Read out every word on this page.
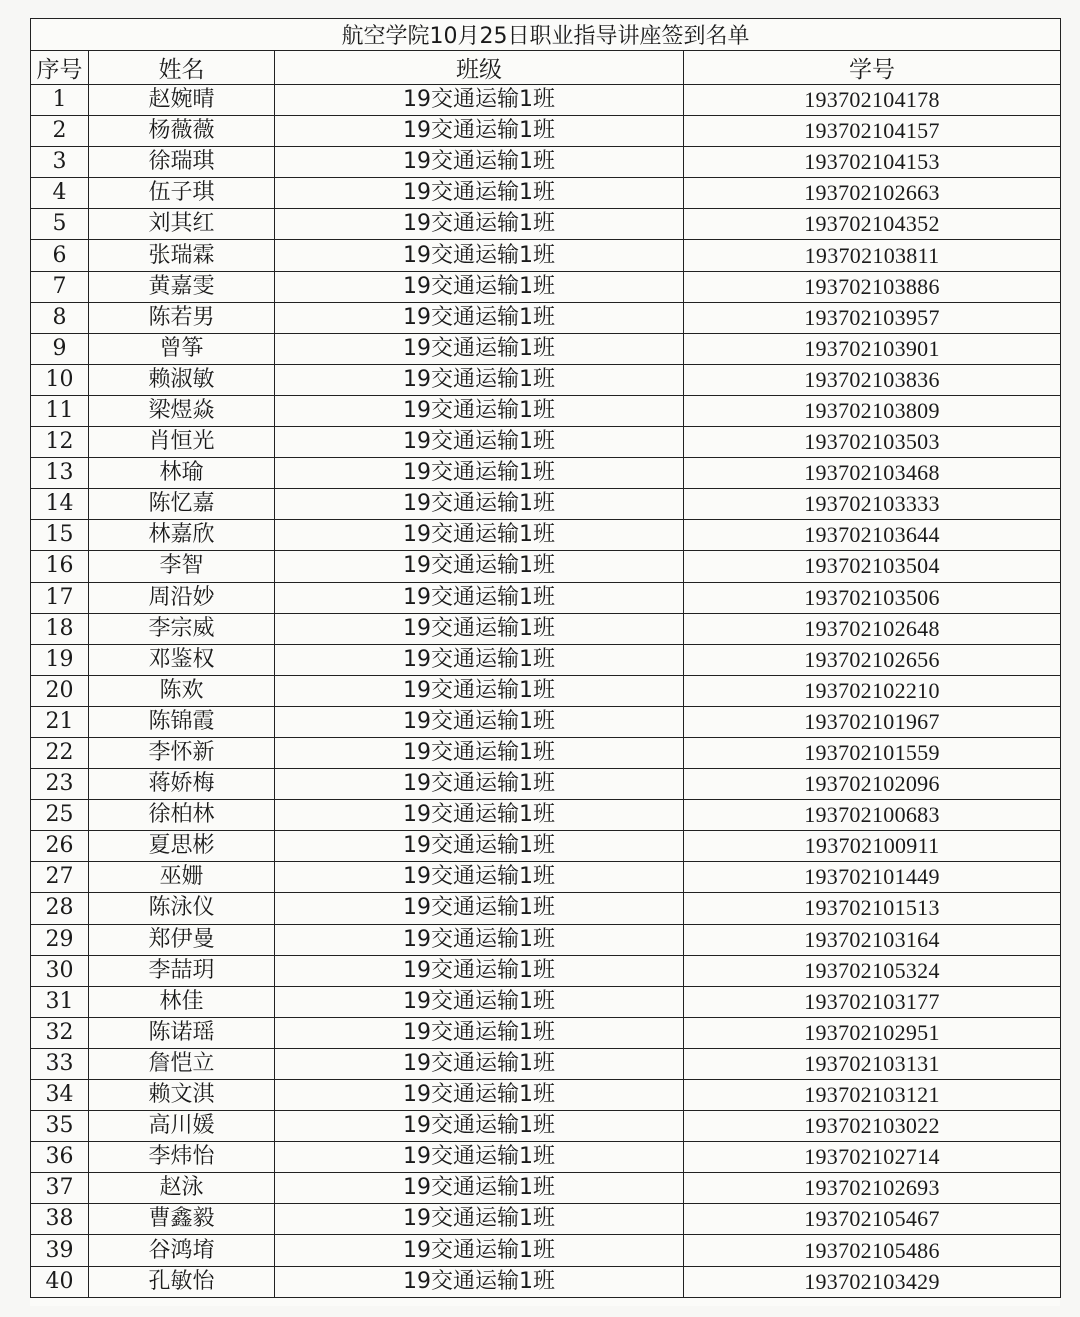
航空学院10月25日职业指导讲座签到名单			
序号	姓名	班级	学号
1	赵婉晴	19交通运输1班	193702104178
2	杨薇薇	19交通运输1班	193702104157
3	徐瑞琪	19交通运输1班	193702104153
4	伍子琪	19交通运输1班	193702102663
5	刘其红	19交通运输1班	193702104352
6	张瑞霖	19交通运输1班	193702103811
7	黄嘉雯	19交通运输1班	193702103886
8	陈若男	19交通运输1班	193702103957
9	曾筝	19交通运输1班	193702103901
10	赖淑敏	19交通运输1班	193702103836
11	梁煜焱	19交通运输1班	193702103809
12	肖恒光	19交通运输1班	193702103503
13	林瑜	19交通运输1班	193702103468
14	陈忆嘉	19交通运输1班	193702103333
15	林嘉欣	19交通运输1班	193702103644
16	李智	19交通运输1班	193702103504
17	周沿妙	19交通运输1班	193702103506
18	李宗威	19交通运输1班	193702102648
19	邓鉴权	19交通运输1班	193702102656
20	陈欢	19交通运输1班	193702102210
21	陈锦霞	19交通运输1班	193702101967
22	李怀新	19交通运输1班	193702101559
23	蒋娇梅	19交通运输1班	193702102096
25	徐柏林	19交通运输1班	193702100683
26	夏思彬	19交通运输1班	193702100911
27	巫姗	19交通运输1班	193702101449
28	陈泳仪	19交通运输1班	193702101513
29	郑伊曼	19交通运输1班	193702103164
30	李喆玥	19交通运输1班	193702105324
31	林佳	19交通运输1班	193702103177
32	陈诺瑶	19交通运输1班	193702102951
33	詹恺立	19交通运输1班	193702103131
34	赖文淇	19交通运输1班	193702103121
35	高川媛	19交通运输1班	193702103022
36	李炜怡	19交通运输1班	193702102714
37	赵泳	19交通运输1班	193702102693
38	曹鑫毅	19交通运输1班	193702105467
39	谷鸿堉	19交通运输1班	193702105486
40	孔敏怡	19交通运输1班	193702103429
